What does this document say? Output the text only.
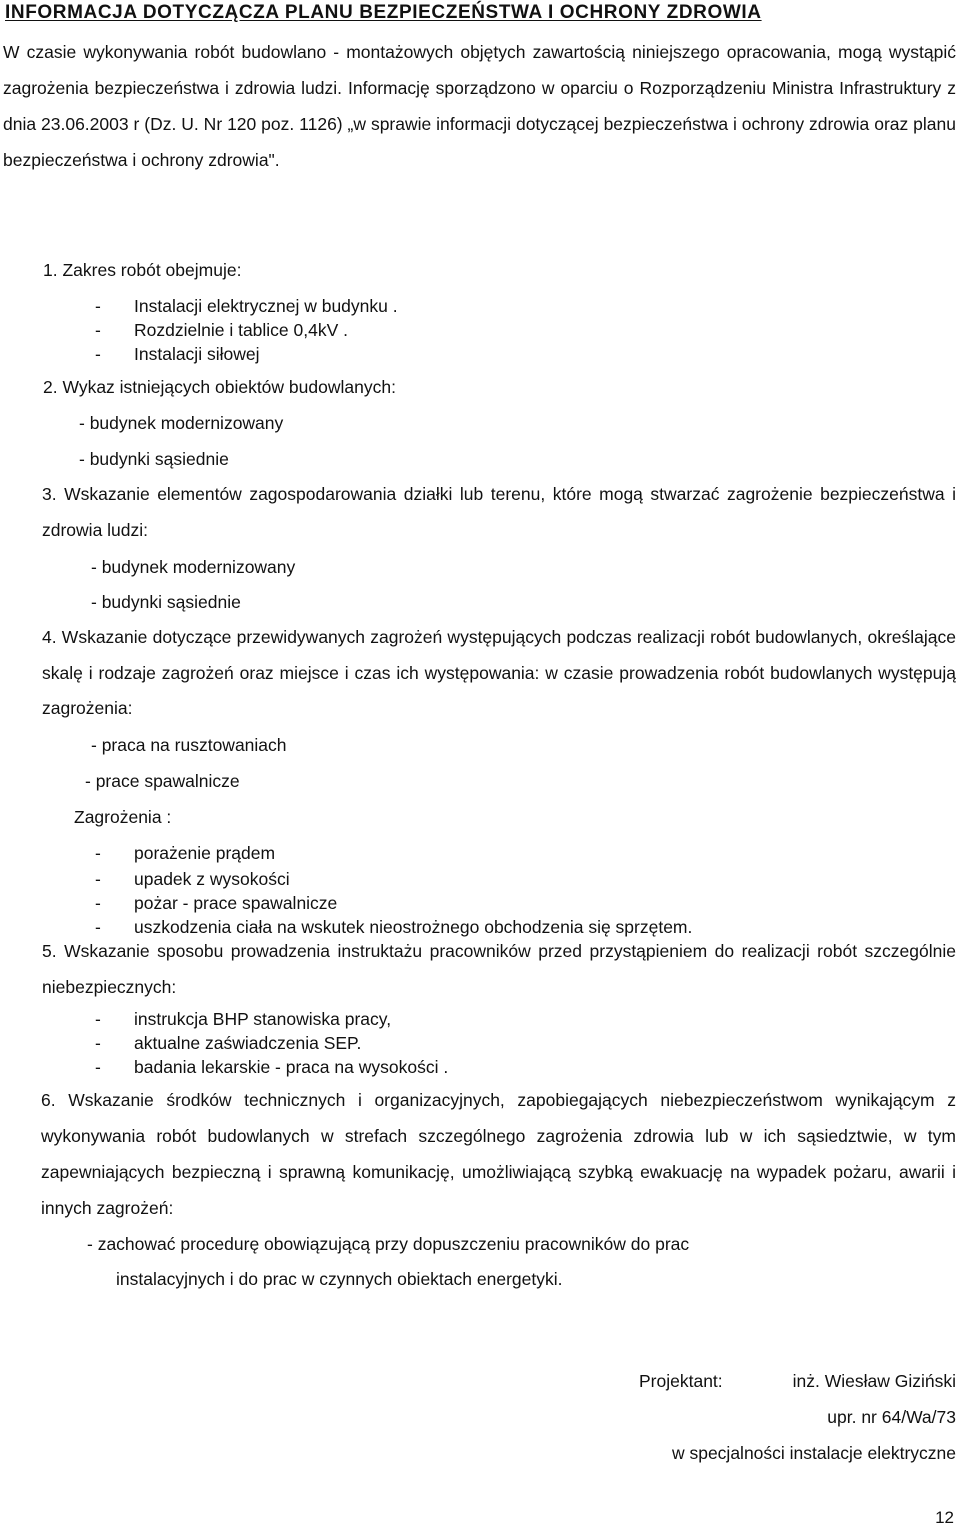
INFORMACJA DOTYCZĄCZA PLANU BEZPIECZEŃSTWA I OCHRONY ZDROWIA
W czasie wykonywania robót budowlano - montażowych objętych zawartością niniejszego opracowania, mogą wystąpić zagrożenia bezpieczeństwa i zdrowia ludzi. Informację sporządzono w oparciu o Rozporządzeniu Ministra Infrastruktury z dnia 23.06.2003 r (Dz. U. Nr 120 poz. 1126) „w sprawie informacji dotyczącej bezpieczeństwa i ochrony zdrowia oraz planu bezpieczeństwa i ochrony zdrowia".
1. Zakres robót obejmuje:
- Instalacji elektrycznej w budynku .
- Rozdzielnie i tablice 0,4kV .
- Instalacji siłowej
2. Wykaz istniejących obiektów budowlanych:
- budynek modernizowany
- budynki sąsiednie
3. Wskazanie elementów zagospodarowania działki lub terenu, które mogą stwarzać zagrożenie bezpieczeństwa i zdrowia ludzi:
- budynek modernizowany
- budynki sąsiednie
4. Wskazanie dotyczące przewidywanych zagrożeń występujących podczas realizacji robót budowlanych, określające skalę i rodzaje zagrożeń oraz miejsce i czas ich występowania: w czasie prowadzenia robót budowlanych występują zagrożenia:
- praca na rusztowaniach
- prace spawalnicze
Zagrożenia :
- porażenie prądem
- upadek z wysokości
- pożar - prace spawalnicze
- uszkodzenia ciała na wskutek nieostrożnego obchodzenia się sprzętem.
5. Wskazanie sposobu prowadzenia instruktażu pracowników przed przystąpieniem do realizacji robót szczególnie niebezpiecznych:
- instrukcja BHP stanowiska pracy,
- aktualne zaświadczenia SEP.
- badania lekarskie - praca na wysokości .
6. Wskazanie środków technicznych i organizacyjnych, zapobiegających niebezpieczeństwom wynikającym z wykonywania robót budowlanych w strefach szczególnego zagrożenia zdrowia lub w ich sąsiedztwie, w tym zapewniających bezpieczną i sprawną komunikację, umożliwiającą szybką ewakuację na wypadek pożaru, awarii i innych zagrożeń:
- zachować procedurę obowiązującą przy dopuszczeniu pracowników do prac
instalacyjnych i do prac w czynnych obiektach energetyki.
Projektant:	inż. Wiesław Giziński
upr. nr 64/Wa/73
w specjalności instalacje elektryczne
12
